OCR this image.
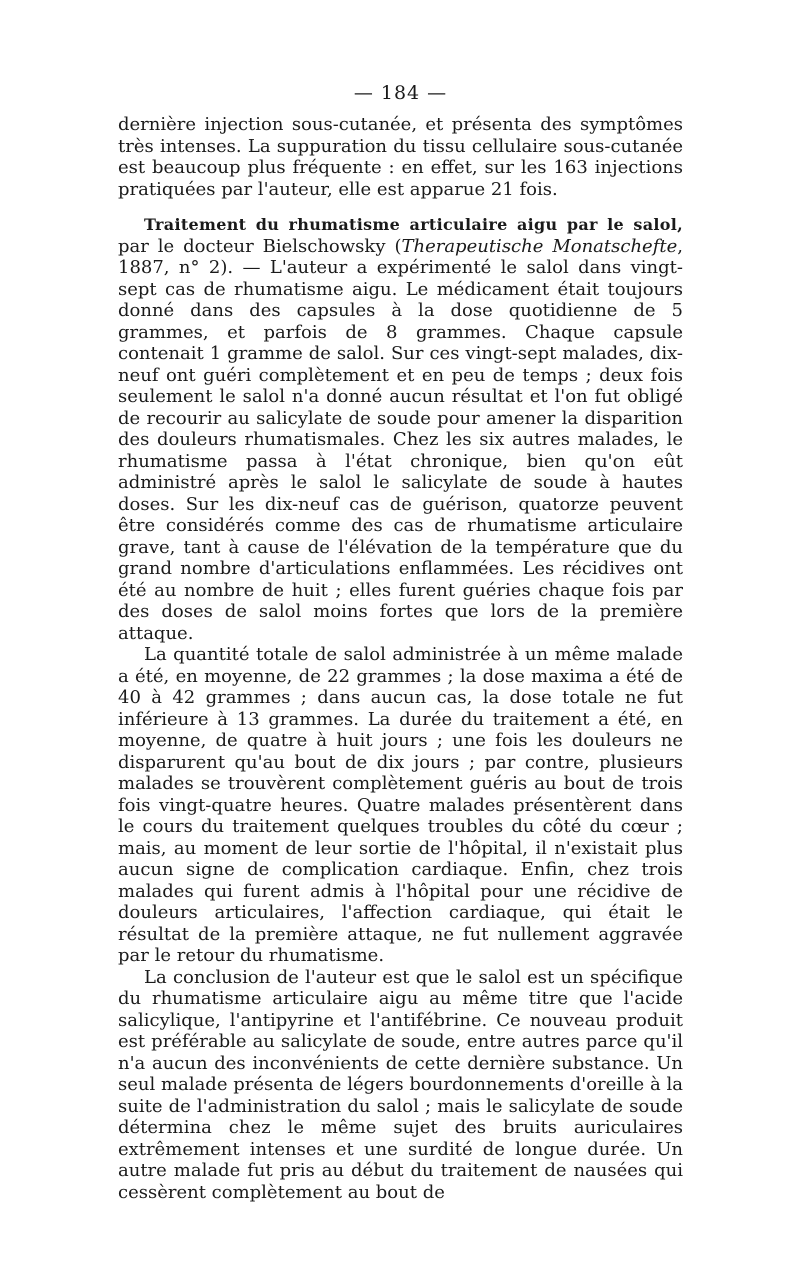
— 184 —

dernière injection sous-cutanée, et présenta des symptômes très intenses. La suppuration du tissu cellulaire sous-cutanée est beaucoup plus fréquente : en effet, sur les 163 injections pratiquées par l'auteur, elle est apparue 21 fois.

Traitement du rhumatisme articulaire aigu par le salol, par le docteur Bielschowsky (Therapeutische Monatschefte, 1887, n° 2). — L'auteur a expérimenté le salol dans vingt-sept cas de rhumatisme aigu. Le médicament était toujours donné dans des capsules à la dose quotidienne de 5 grammes, et parfois de 8 grammes. Chaque capsule contenait 1 gramme de salol. Sur ces vingt-sept malades, dix-neuf ont guéri complètement et en peu de temps ; deux fois seulement le salol n'a donné aucun résultat et l'on fut obligé de recourir au salicylate de soude pour amener la disparition des douleurs rhumatismales. Chez les six autres malades, le rhumatisme passa à l'état chronique, bien qu'on eût administré après le salol le salicylate de soude à hautes doses. Sur les dix-neuf cas de guérison, quatorze peuvent être considérés comme des cas de rhumatisme articulaire grave, tant à cause de l'élévation de la température que du grand nombre d'articulations enflammées. Les récidives ont été au nombre de huit ; elles furent guéries chaque fois par des doses de salol moins fortes que lors de la première attaque.

La quantité totale de salol administrée à un même malade a été, en moyenne, de 22 grammes ; la dose maxima a été de 40 à 42 grammes ; dans aucun cas, la dose totale ne fut inférieure à 13 grammes. La durée du traitement a été, en moyenne, de quatre à huit jours ; une fois les douleurs ne disparurent qu'au bout de dix jours ; par contre, plusieurs malades se trouvèrent complètement guéris au bout de trois fois vingt-quatre heures. Quatre malades présentèrent dans le cours du traitement quelques troubles du côté du cœur ; mais, au moment de leur sortie de l'hôpital, il n'existait plus aucun signe de complication cardiaque. Enfin, chez trois malades qui furent admis à l'hôpital pour une récidive de douleurs articulaires, l'affection cardiaque, qui était le résultat de la première attaque, ne fut nullement aggravée par le retour du rhumatisme.

La conclusion de l'auteur est que le salol est un spécifique du rhumatisme articulaire aigu au même titre que l'acide salicylique, l'antipyrine et l'antifébrine. Ce nouveau produit est préférable au salicylate de soude, entre autres parce qu'il n'a aucun des inconvénients de cette dernière substance. Un seul malade présenta de légers bourdonnements d'oreille à la suite de l'administration du salol ; mais le salicylate de soude détermina chez le même sujet des bruits auriculaires extrêmement intenses et une surdité de longue durée. Un autre malade fut pris au début du traitement de nausées qui cessèrent complètement au bout de
